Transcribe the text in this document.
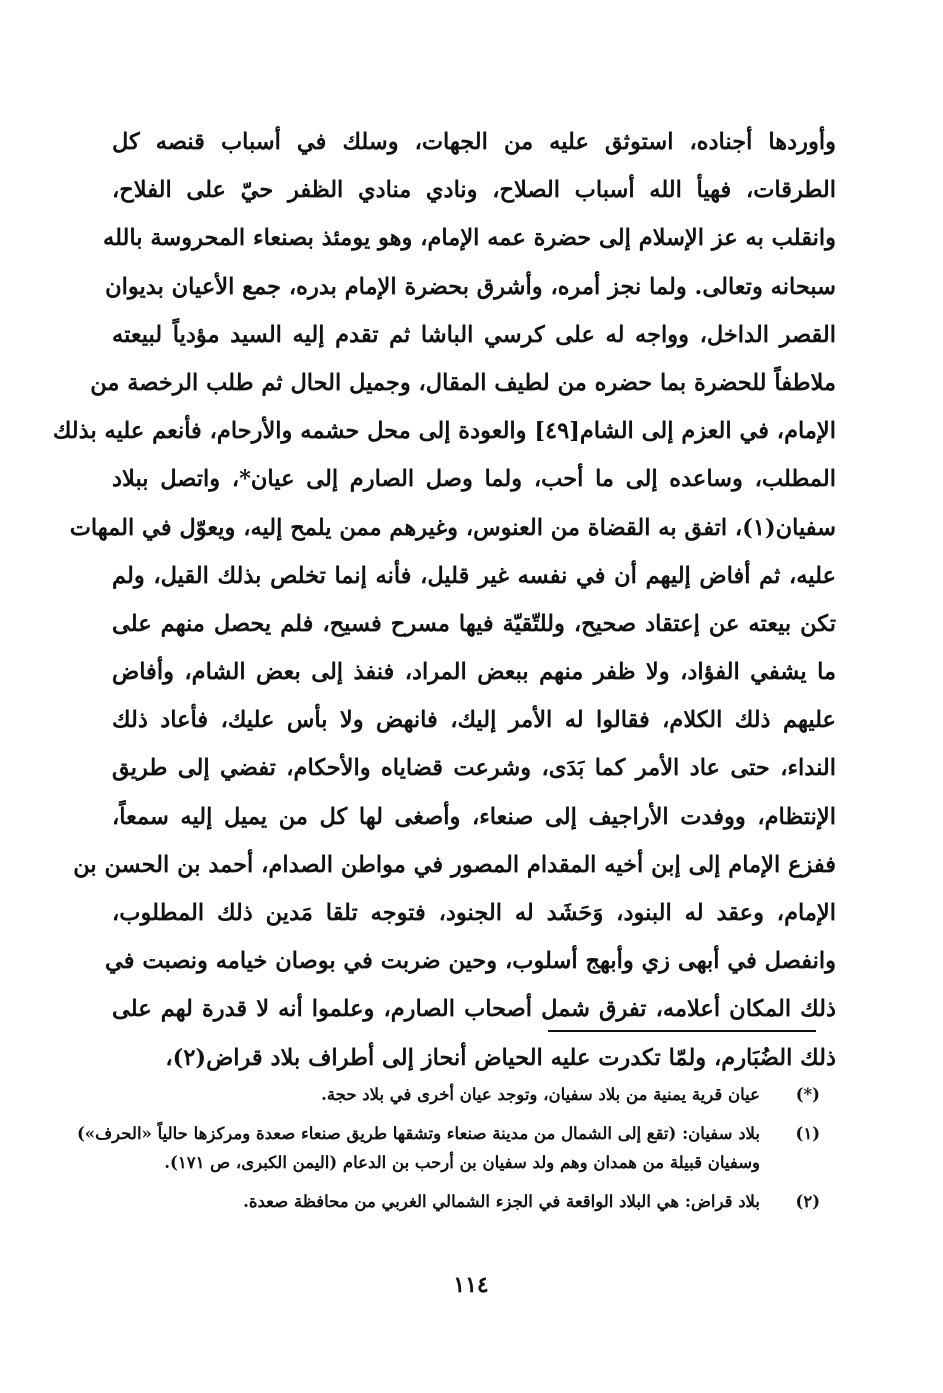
وأوردها أجناده، استوثق عليه من الجهات، وسلك في أسباب قنصه كل
الطرقات، فهيأ الله أسباب الصلاح، ونادي منادي الظفر حيّ على الفلاح،
وانقلب به عز الإسلام إلى حضرة عمه الإمام، وهو يومئذ بصنعاء المحروسة بالله
سبحانه وتعالى. ولما نجز أمره، وأشرق بحضرة الإمام بدره، جمع الأعيان بديوان
القصر الداخل، وواجه له على كرسي الباشا ثم تقدم إليه السيد مؤدياً لبيعته
ملاطفاً للحضرة بما حضره من لطيف المقال، وجميل الحال ثم طلب الرخصة من
الإمام، في العزم إلى الشام[٤٩] والعودة إلى محل حشمه والأرحام، فأنعم عليه بذلك
المطلب، وساعده إلى ما أحب، ولما وصل الصارم إلى عيان*، واتصل ببلاد
سفيان(١)، اتفق به القضاة من العنوس، وغيرهم ممن يلمح إليه، ويعوّل في المهات
عليه، ثم أفاض إليهم أن في نفسه غير قليل، فأنه إنما تخلص بذلك القيل، ولم
تكن بيعته عن إعتقاد صحيح، وللتّقيّة فيها مسرح فسيح، فلم يحصل منهم على
ما يشفي الفؤاد، ولا ظفر منهم ببعض المراد، فنفذ إلى بعض الشام، وأفاض
عليهم ذلك الكلام، فقالوا له الأمر إليك، فانهض ولا بأس عليك، فأعاد ذلك
النداء، حتى عاد الأمر كما بَدَى، وشرعت قضاياه والأحكام، تفضي إلى طريق
الإنتظام، ووفدت الأراجيف إلى صنعاء، وأصغى لها كل من يميل إليه سمعاً،
ففزع الإمام إلى إبن أخيه المقدام المصور في مواطن الصدام، أحمد بن الحسن بن
الإمام، وعقد له البنود، وَحَشَد له الجنود، فتوجه تلقا مَدين ذلك المطلوب،
وانفصل في أبهى زي وأبهج أسلوب، وحين ضربت في بوصان خيامه ونصبت في
ذلك المكان أعلامه، تفرق شمل أصحاب الصارم، وعلموا أنه لا قدرة لهم على
ذلك الضُبَارم، ولمّا تكدرت عليه الحياض أنحاز إلى أطراف بلاد قراض(٢)،
(*)
عيان قرية يمنية من بلاد سفيان، وتوجد عيان أخرى في بلاد حجة.
(١)
بلاد سفيان: (تقع إلى الشمال من مدينة صنعاء وتشقها طريق صنعاء صعدة ومركزها حالياً «الحرف»)
وسفيان قبيلة من همدان وهم ولد سفيان بن أرحب بن الدعام (اليمن الكبرى، ص ١٧١).
(٢)
بلاد قراض: هي البلاد الواقعة في الجزء الشمالي الغربي من محافظة صعدة.
١١٤
